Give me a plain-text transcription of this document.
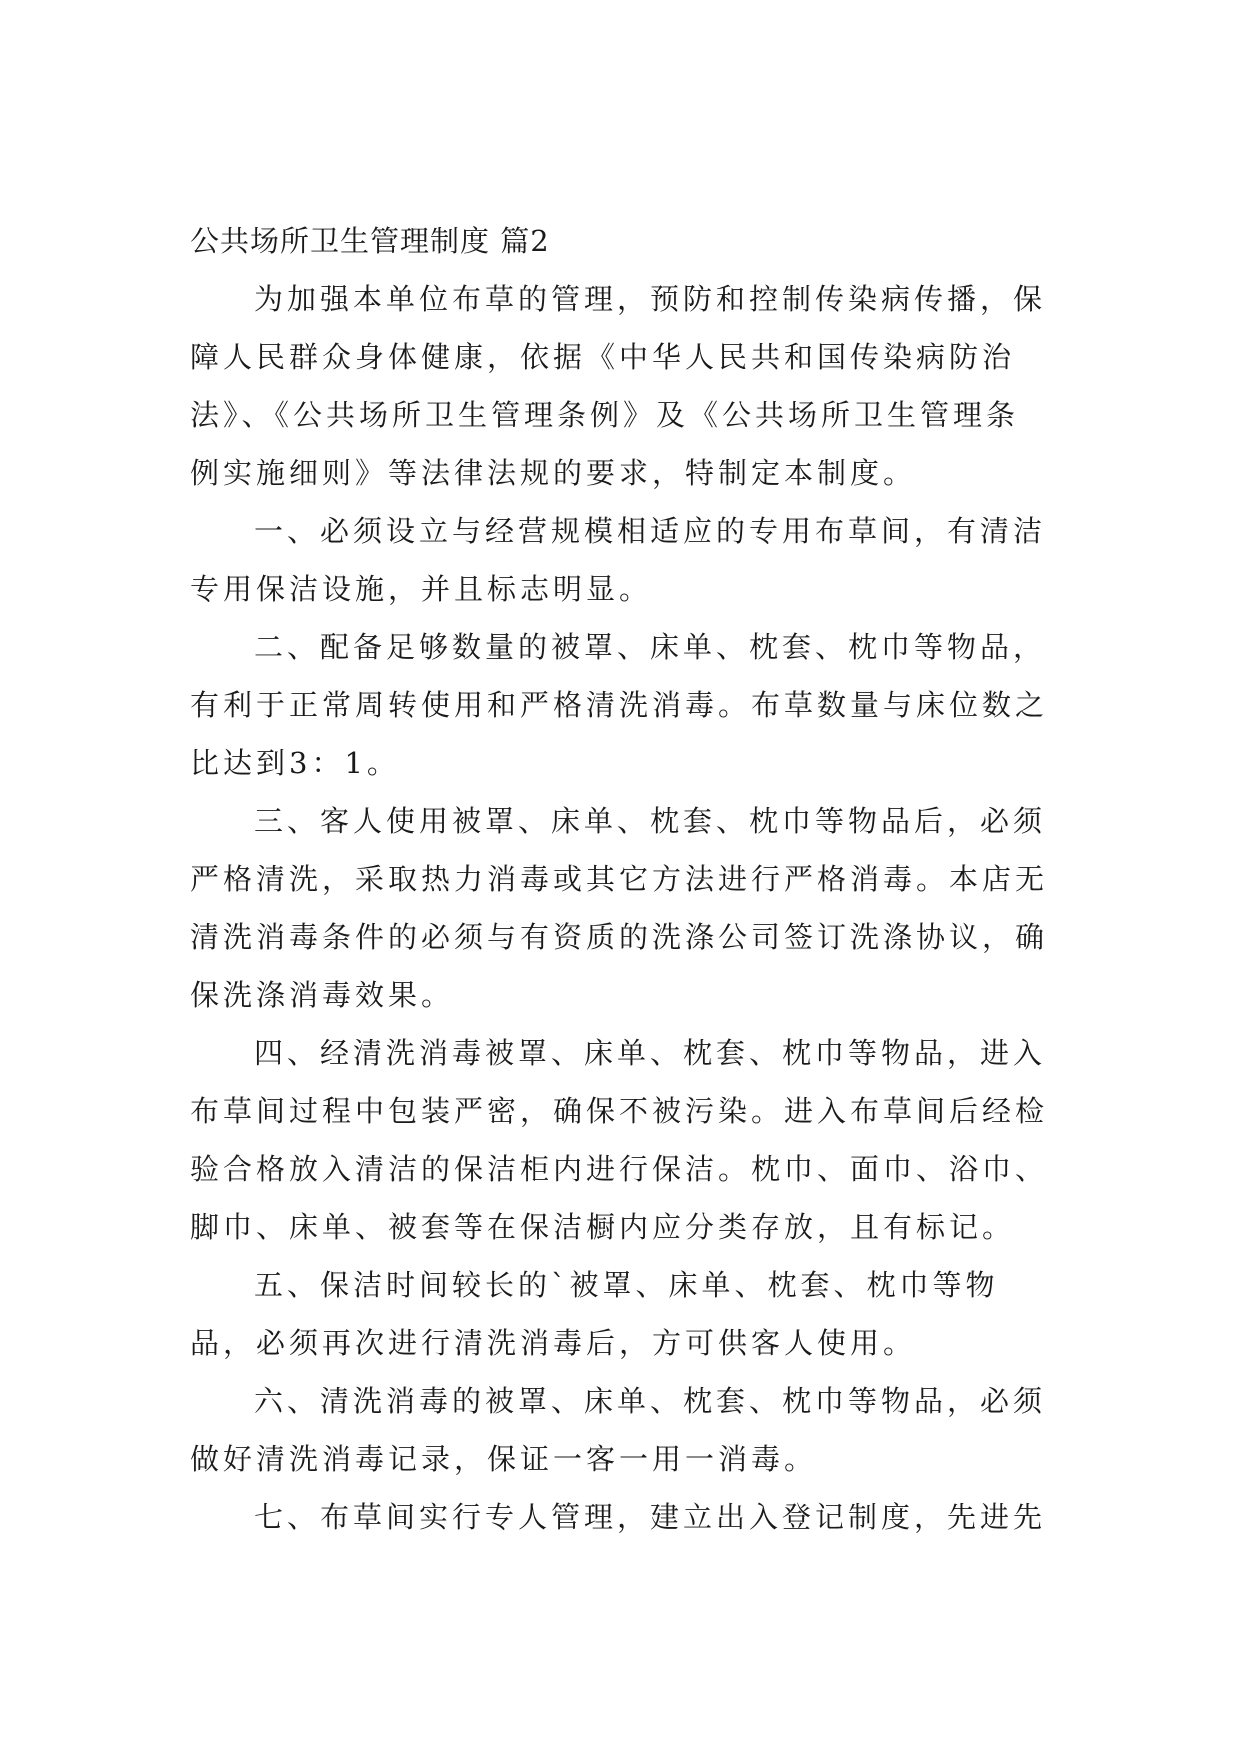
公共场所卫生管理制度 篇2

为加强本单位布草的管理，预防和控制传染病传播，保障人民群众身体健康，依据《中华人民共和国传染病防治法》、《公共场所卫生管理条例》及《公共场所卫生管理条例实施细则》等法律法规的要求，特制定本制度。

一、必须设立与经营规模相适应的专用布草间，有清洁专用保洁设施，并且标志明显。

二、配备足够数量的被罩、床单、枕套、枕巾等物品，有利于正常周转使用和严格清洗消毒。布草数量与床位数之比达到3：1。

三、客人使用被罩、床单、枕套、枕巾等物品后，必须严格清洗，采取热力消毒或其它方法进行严格消毒。本店无清洗消毒条件的必须与有资质的洗涤公司签订洗涤协议，确保洗涤消毒效果。

四、经清洗消毒被罩、床单、枕套、枕巾等物品，进入布草间过程中包装严密，确保不被污染。进入布草间后经检验合格放入清洁的保洁柜内进行保洁。枕巾、面巾、浴巾、脚巾、床单、被套等在保洁橱内应分类存放，且有标记。

五、保洁时间较长的`被罩、床单、枕套、枕巾等物品，必须再次进行清洗消毒后，方可供客人使用。

六、清洗消毒的被罩、床单、枕套、枕巾等物品，必须做好清洗消毒记录，保证一客一用一消毒。

七、布草间实行专人管理，建立出入登记制度，先进先
